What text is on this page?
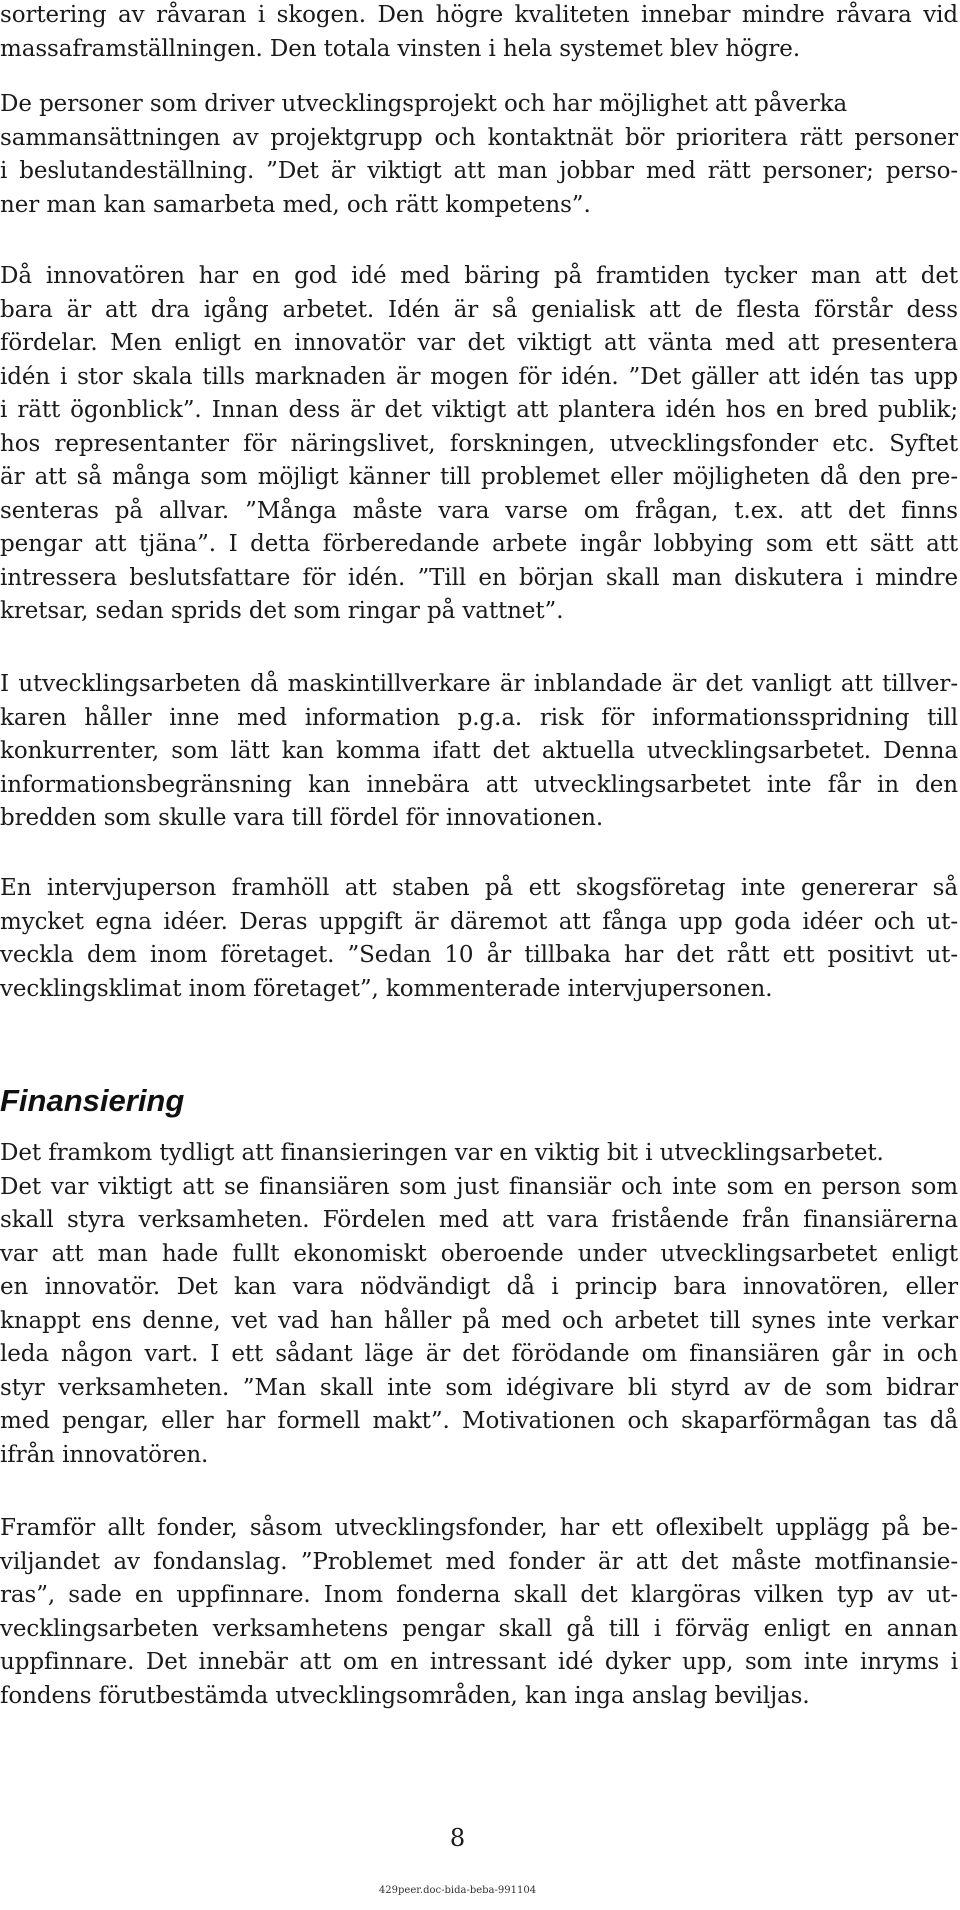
sortering av råvaran i skogen. Den högre kvaliteten innebar mindre råvara vid
massaframställningen. Den totala vinsten i hela systemet blev högre.
De personer som driver utvecklingsprojekt och har möjlighet att påverka
sammansättningen av projektgrupp och kontaktnät bör prioritera rätt personer
i beslutandeställning. ”Det är viktigt att man jobbar med rätt personer; perso-
ner man kan samarbeta med, och rätt kompetens”.
Då innovatören har en god idé med bäring på framtiden tycker man att det
bara är att dra igång arbetet. Idén är så genialisk att de flesta förstår dess
fördelar. Men enligt en innovatör var det viktigt att vänta med att presentera
idén i stor skala tills marknaden är mogen för idén. ”Det gäller att idén tas upp
i rätt ögonblick”. Innan dess är det viktigt att plantera idén hos en bred publik;
hos representanter för näringslivet, forskningen, utvecklingsfonder etc. Syftet
är att så många som möjligt känner till problemet eller möjligheten då den pre-
senteras på allvar. ”Många måste vara varse om frågan, t.ex. att det finns
pengar att tjäna”. I detta förberedande arbete ingår lobbying som ett sätt att
intressera beslutsfattare för idén. ”Till en början skall man diskutera i mindre
kretsar, sedan sprids det som ringar på vattnet”.
I utvecklingsarbeten då maskintillverkare är inblandade är det vanligt att tillver-
karen håller inne med information p.g.a. risk för informationsspridning till
konkurrenter, som lätt kan komma ifatt det aktuella utvecklingsarbetet. Denna
informationsbegränsning kan innebära att utvecklingsarbetet inte får in den
bredden som skulle vara till fördel för innovationen.
En intervjuperson framhöll att staben på ett skogsföretag inte genererar så
mycket egna idéer. Deras uppgift är däremot att fånga upp goda idéer och ut-
veckla dem inom företaget. ”Sedan 10 år tillbaka har det rått ett positivt ut-
vecklingsklimat inom företaget”, kommenterade intervjupersonen.
Finansiering
Det framkom tydligt att finansieringen var en viktig bit i utvecklingsarbetet.
Det var viktigt att se finansiären som just finansiär och inte som en person som
skall styra verksamheten. Fördelen med att vara fristående från finansiärerna
var att man hade fullt ekonomiskt oberoende under utvecklingsarbetet enligt
en innovatör. Det kan vara nödvändigt då i princip bara innovatören, eller
knappt ens denne, vet vad han håller på med och arbetet till synes inte verkar
leda någon vart. I ett sådant läge är det förödande om finansiären går in och
styr verksamheten. ”Man skall inte som idégivare bli styrd av de som bidrar
med pengar, eller har formell makt”. Motivationen och skaparförmågan tas då
ifrån innovatören.
Framför allt fonder, såsom utvecklingsfonder, har ett oflexibelt upplägg på be-
viljandet av fondanslag. ”Problemet med fonder är att det måste motfinansie-
ras”, sade en uppfinnare. Inom fonderna skall det klargöras vilken typ av ut-
vecklingsarbeten verksamhetens pengar skall gå till i förväg enligt en annan
uppfinnare. Det innebär att om en intressant idé dyker upp, som inte inryms i
fondens förutbestämda utvecklingsområden, kan inga anslag beviljas.
8
429peer.doc-bida-beba-991104
